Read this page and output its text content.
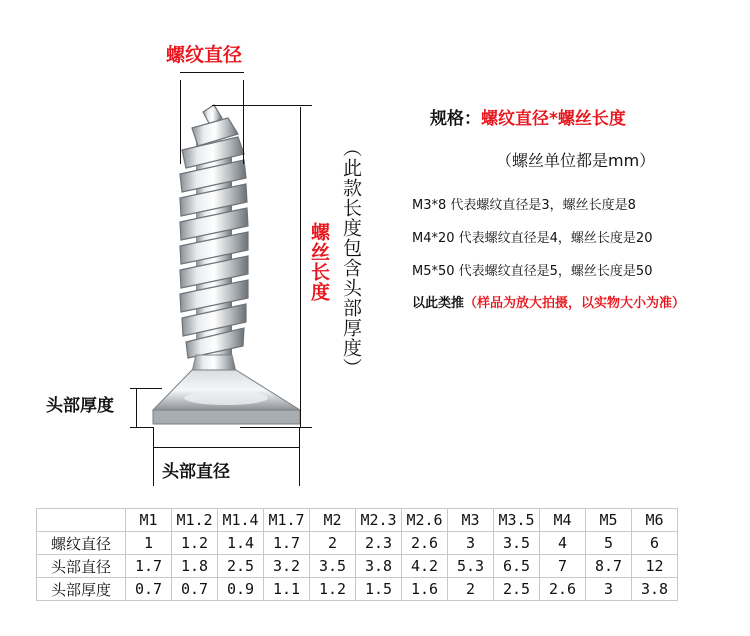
螺纹直径
螺丝长度 （此款长度包含头部厚度）
头部厚度
头部直径
规格：螺纹直径*螺丝长度
（螺丝单位都是mm）
M3*8 代表螺纹直径是3，螺丝长度是8
M4*20 代表螺纹直径是4，螺丝长度是20
M5*50 代表螺纹直径是5，螺丝长度是50
以此类推（样品为放大拍摄，以实物大小为准）
	M1	M1.2	M1.4	M1.7	M2	M2.3	M2.6	M3	M3.5	M4	M5	M6
螺纹直径	1	1.2	1.4	1.7	2	2.3	2.6	3	3.5	4	5	6
头部直径	1.7	1.8	2.5	3.2	3.5	3.8	4.2	5.3	6.5	7	8.7	12
头部厚度	0.7	0.7	0.9	1.1	1.2	1.5	1.6	2	2.5	2.6	3	3.8
